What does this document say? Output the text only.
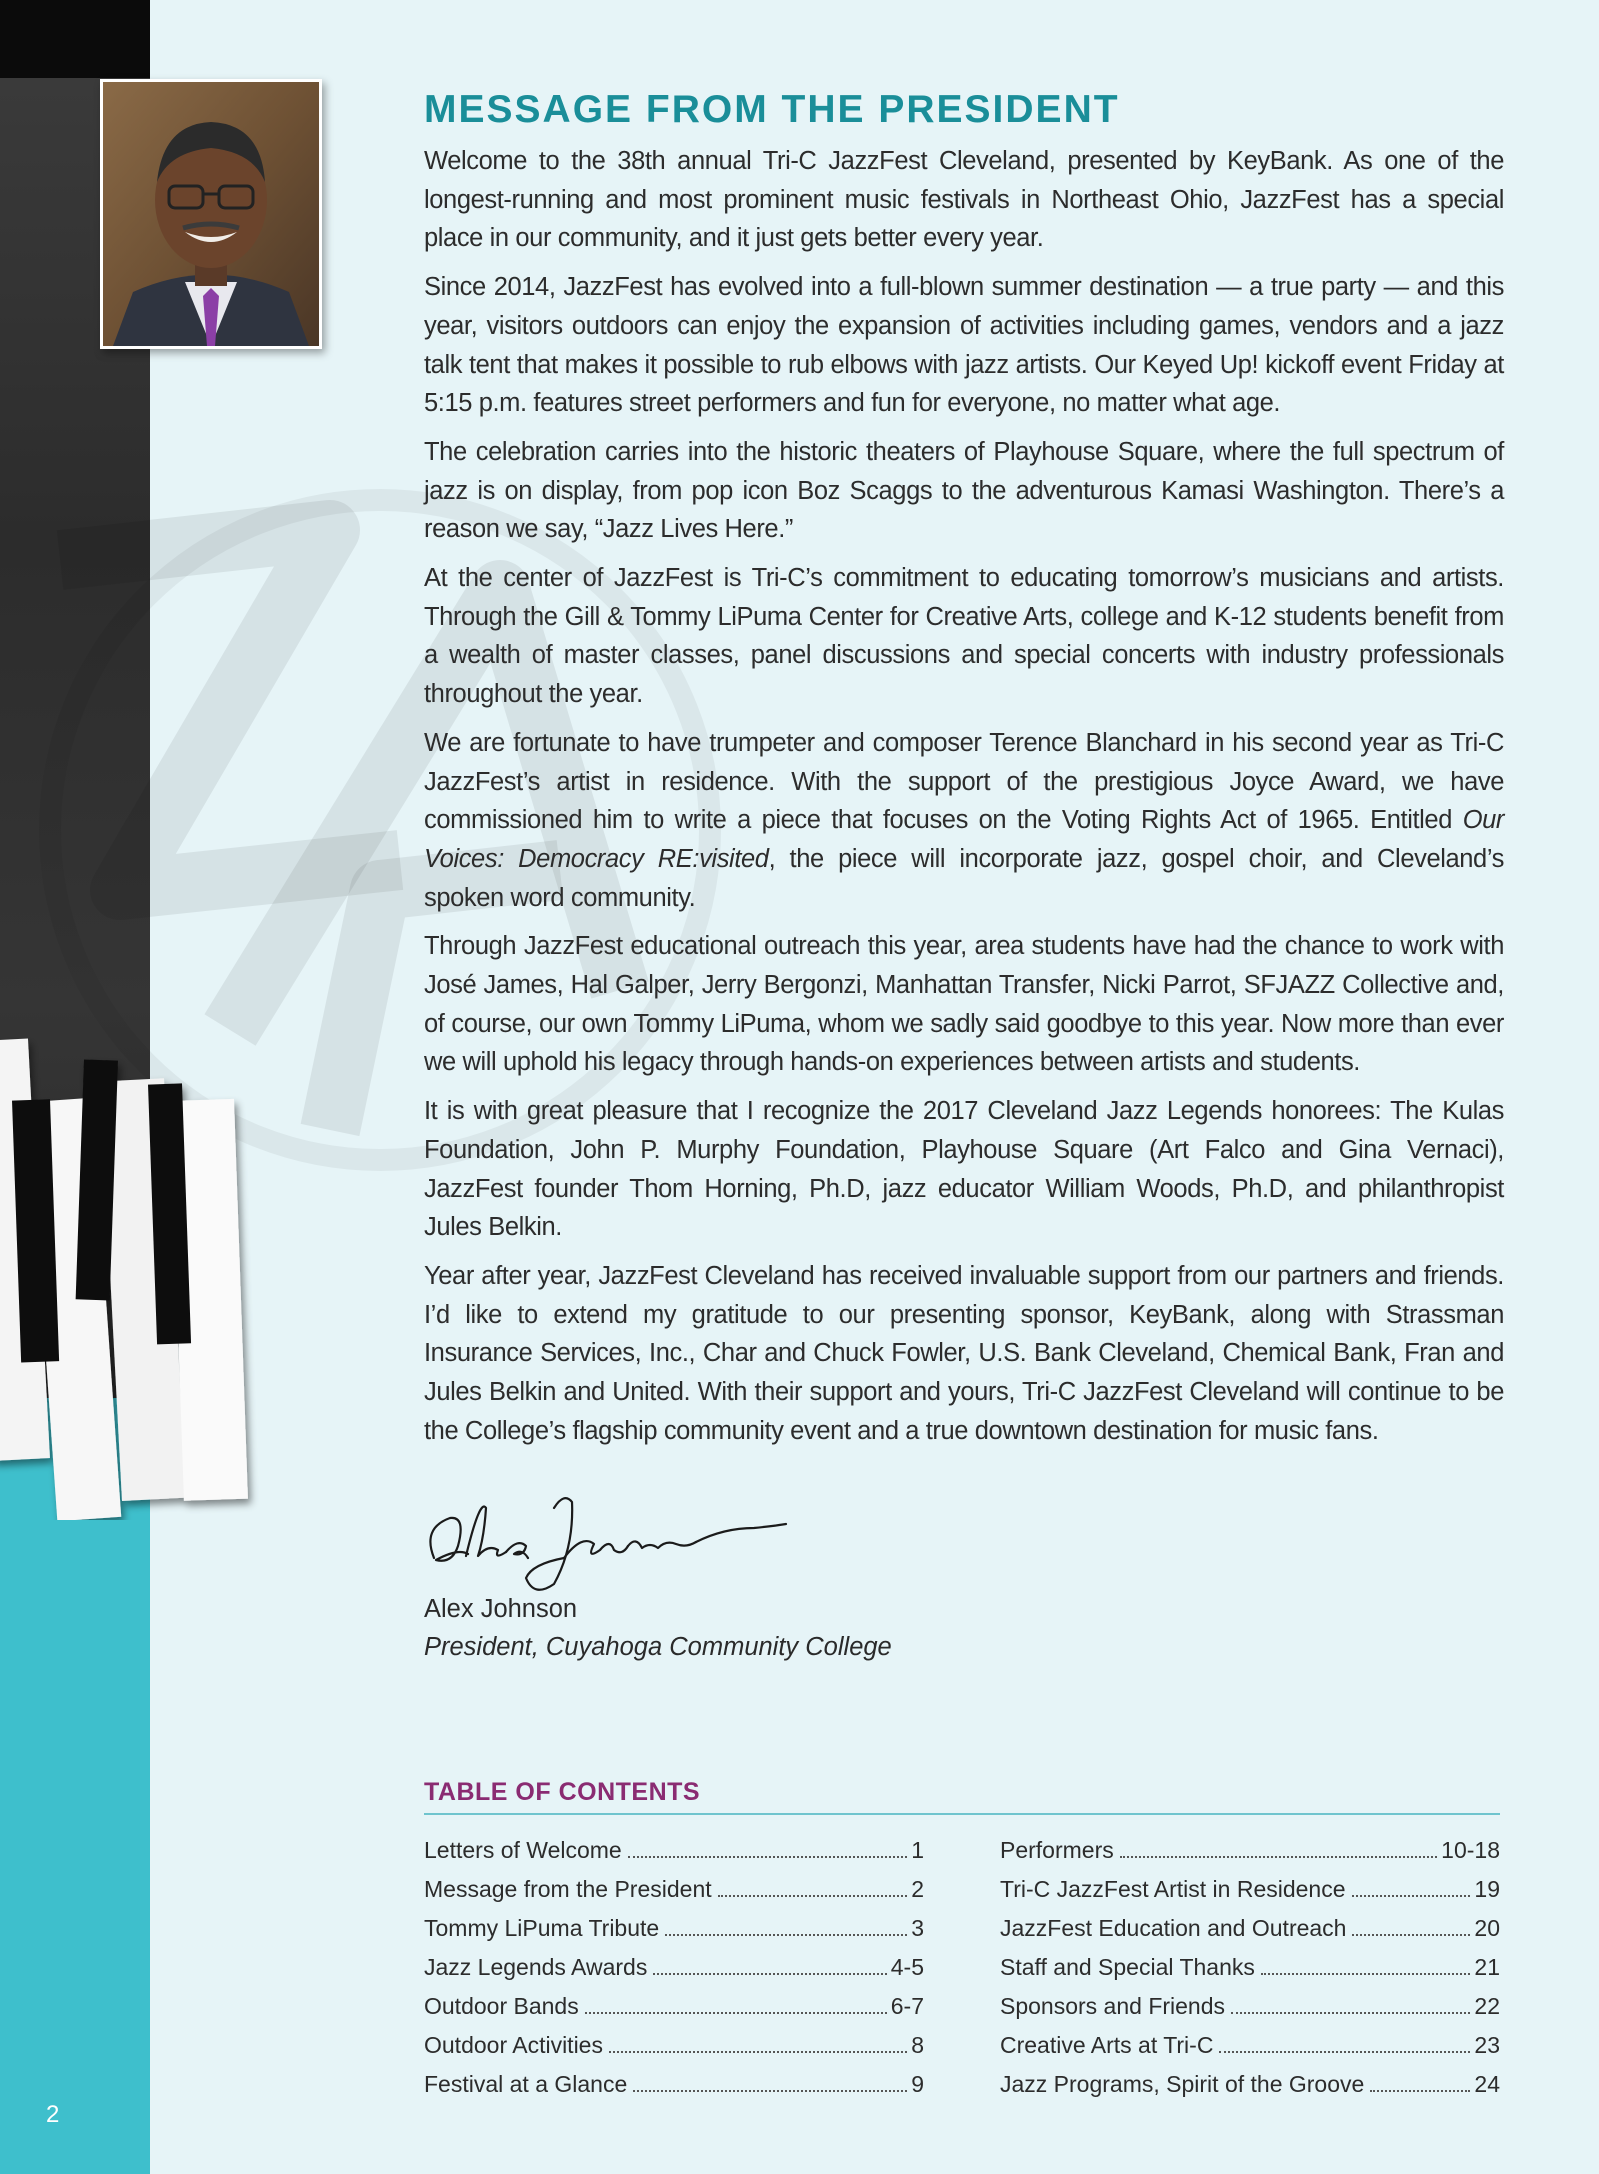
2
MESSAGE FROM THE PRESIDENT

Welcome to the 38th annual Tri-C JazzFest Cleveland, presented by KeyBank. As one of the longest-running and most prominent music festivals in Northeast Ohio, JazzFest has a special place in our community, and it just gets better every year.

Since 2014, JazzFest has evolved into a full-blown summer destination — a true party — and this year, visitors outdoors can enjoy the expansion of activities including games, vendors and a jazz talk tent that makes it possible to rub elbows with jazz artists. Our Keyed Up! kickoff event Friday at 5:15 p.m. features street performers and fun for everyone, no matter what age.

The celebration carries into the historic theaters of Playhouse Square, where the full spectrum of jazz is on display, from pop icon Boz Scaggs to the adventurous Kamasi Washington. There’s a reason we say, “Jazz Lives Here.”

At the center of JazzFest is Tri-C’s commitment to educating tomorrow’s musicians and artists. Through the Gill & Tommy LiPuma Center for Creative Arts, college and K-12 students benefit from a wealth of master classes, panel discussions and special concerts with industry professionals throughout the year.

We are fortunate to have trumpeter and composer Terence Blanchard in his second year as Tri-C JazzFest’s artist in residence. With the support of the prestigious Joyce Award, we have commissioned him to write a piece that focuses on the Voting Rights Act of 1965. Entitled Our Voices: Democracy RE:visited, the piece will incorporate jazz, gospel choir, and Cleveland’s spoken word community.

Through JazzFest educational outreach this year, area students have had the chance to work with José James, Hal Galper, Jerry Bergonzi, Manhattan Transfer, Nicki Parrot, SFJAZZ Collective and, of course, our own Tommy LiPuma, whom we sadly said goodbye to this year. Now more than ever we will uphold his legacy through hands-on experiences between artists and students.

It is with great pleasure that I recognize the 2017 Cleveland Jazz Legends honorees: The Kulas Foundation, John P. Murphy Foundation, Playhouse Square (Art Falco and Gina Vernaci), JazzFest founder Thom Horning, Ph.D, jazz educator William Woods, Ph.D, and philanthropist Jules Belkin.

Year after year, JazzFest Cleveland has received invaluable support from our partners and friends. I’d like to extend my gratitude to our presenting sponsor, KeyBank, along with Strassman Insurance Services, Inc., Char and Chuck Fowler, U.S. Bank Cleveland, Chemical Bank, Fran and Jules Belkin and United. With their support and yours, Tri-C JazzFest Cleveland will continue to be the College’s flagship community event and a true downtown destination for music fans.

Alex Johnson
President, Cuyahoga Community College
TABLE OF CONTENTS
Letters of Welcome	1
Message from the President	2
Tommy LiPuma Tribute	3
Jazz Legends Awards	4-5
Outdoor Bands	6-7
Outdoor Activities	8
Festival at a Glance	9
Performers	10-18
Tri-C JazzFest Artist in Residence	19
JazzFest Education and Outreach	20
Staff and Special Thanks	21
Sponsors and Friends	22
Creative Arts at Tri-C	23
Jazz Programs, Spirit of the Groove	24
